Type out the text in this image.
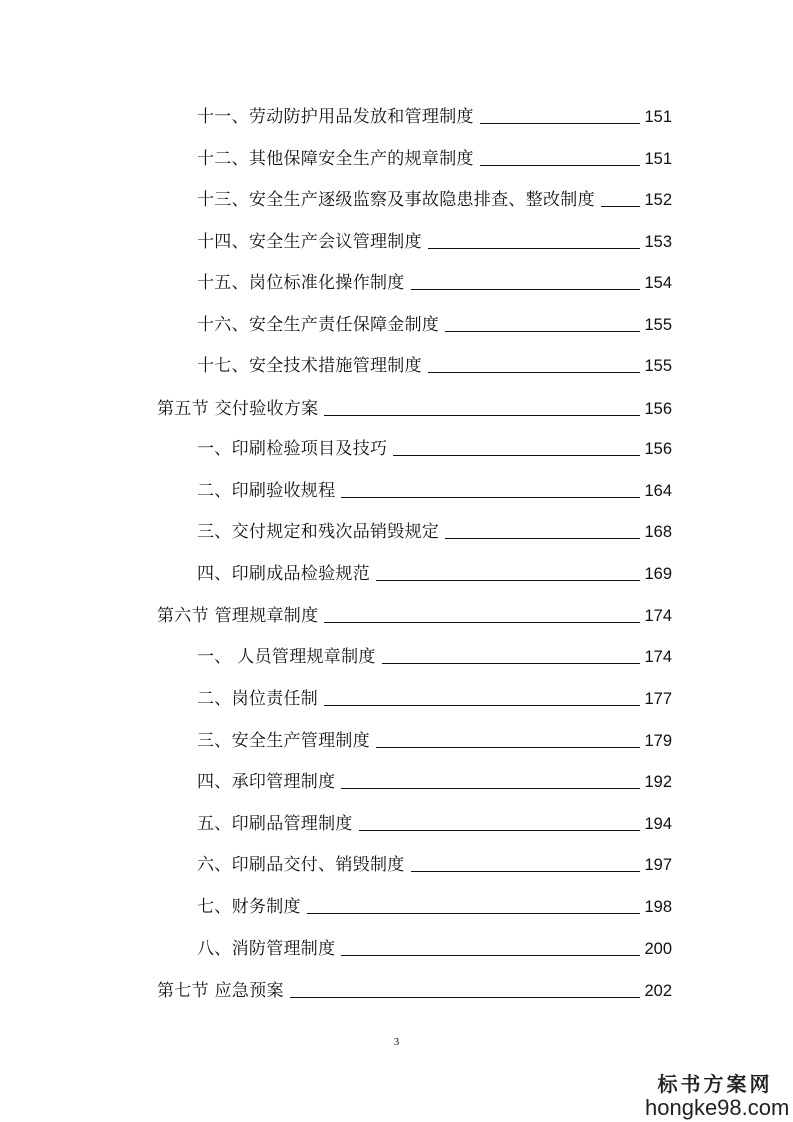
十一、劳动防护用品发放和管理制度	151
十二、其他保障安全生产的规章制度	151
十三、安全生产逐级监察及事故隐患排查、整改制度	152
十四、安全生产会议管理制度	153
十五、岗位标准化操作制度	154
十六、安全生产责任保障金制度	155
十七、安全技术措施管理制度	155
第五节 交付验收方案	156
一、印刷检验项目及技巧	156
二、印刷验收规程	164
三、交付规定和残次品销毁规定	168
四、印刷成品检验规范	169
第六节 管理规章制度	174
一、 人员管理规章制度	174
二、岗位责任制	177
三、安全生产管理制度	179
四、承印管理制度	192
五、印刷品管理制度	194
六、印刷品交付、销毁制度	197
七、财务制度	198
八、消防管理制度	200
第七节 应急预案	202
3
标书方案网
hongke98.com
